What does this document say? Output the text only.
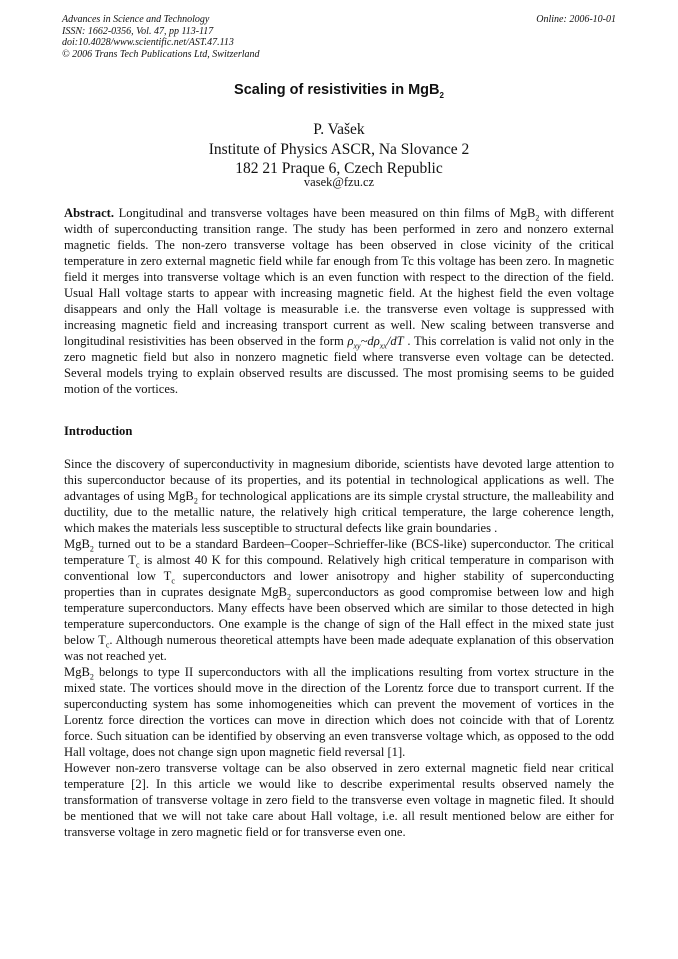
Advances in Science and Technology
ISSN: 1662-0356, Vol. 47, pp 113-117
doi:10.4028/www.scientific.net/AST.47.113
© 2006 Trans Tech Publications Ltd, Switzerland
Online: 2006-10-01
Scaling of resistivities in MgB$_2$
P. Vašek
Institute of Physics ASCR, Na Slovance 2
182 21 Praque 6, Czech Republic
vasek@fzu.cz
Abstract. Longitudinal and transverse voltages have been measured on thin films of MgB$_2$ with different width of superconducting transition range. The study has been performed in zero and nonzero external magnetic fields. The non-zero transverse voltage has been observed in close vicinity of the critical temperature in zero external magnetic field while far enough from Tc this voltage has been zero. In magnetic field it merges into transverse voltage which is an even function with respect to the direction of the field. Usual Hall voltage starts to appear with increasing magnetic field. At the highest field the even voltage disappears and only the Hall voltage is measurable i.e. the transverse even voltage is suppressed with increasing magnetic field and increasing transport current as well. New scaling between transverse and longitudinal resistivities has been observed in the form $\rho_{xy}\sim d\rho_{xx}/dT$ . This correlation is valid not only in the zero magnetic field but also in nonzero magnetic field where transverse even voltage can be detected. Several models trying to explain observed results are discussed. The most promising seems to be guided motion of the vortices.
Introduction

Since the discovery of superconductivity in magnesium diboride, scientists have devoted large attention to this superconductor because of its properties, and its potential in technological applications as well. The advantages of using MgB$_2$ for technological applications are its simple crystal structure, the malleability and ductility, due to the metallic nature, the relatively high critical temperature, the large coherence length, which makes the materials less susceptible to structural defects like grain boundaries .

MgB$_2$ turned out to be a standard Bardeen–Cooper–Schrieffer-like (BCS-like) superconductor. The critical temperature $T_c$ is almost 40 K for this compound. Relatively high critical temperature in comparison with conventional low $T_c$ superconductors and lower anisotropy and higher stability of superconducting properties than in cuprates designate MgB$_2$ superconductors as good compromise between low and high temperature superconductors. Many effects have been observed which are similar to those detected in high temperature superconductors. One example is the change of sign of the Hall effect in the mixed state just below $T_c$. Although numerous theoretical attempts have been made adequate explanation of this observation was not reached yet.

MgB$_2$ belongs to type II superconductors with all the implications resulting from vortex structure in the mixed state. The vortices should move in the direction of the Lorentz force due to transport current. If the superconducting system has some inhomogeneities which can prevent the movement of vortices in the Lorentz force direction the vortices can move in direction which does not coincide with that of Lorentz force. Such situation can be identified by observing an even transverse voltage which, as opposed to the odd Hall voltage, does not change sign upon magnetic field reversal [1].

However non-zero transverse voltage can be also observed in zero external magnetic field near critical temperature [2]. In this article we would like to describe experimental results observed namely the transformation of transverse voltage in zero field to the transverse even voltage in magnetic filed. It should be mentioned that we will not take care about Hall voltage, i.e. all result mentioned below are either for transverse voltage in zero magnetic field or for transverse even one.
